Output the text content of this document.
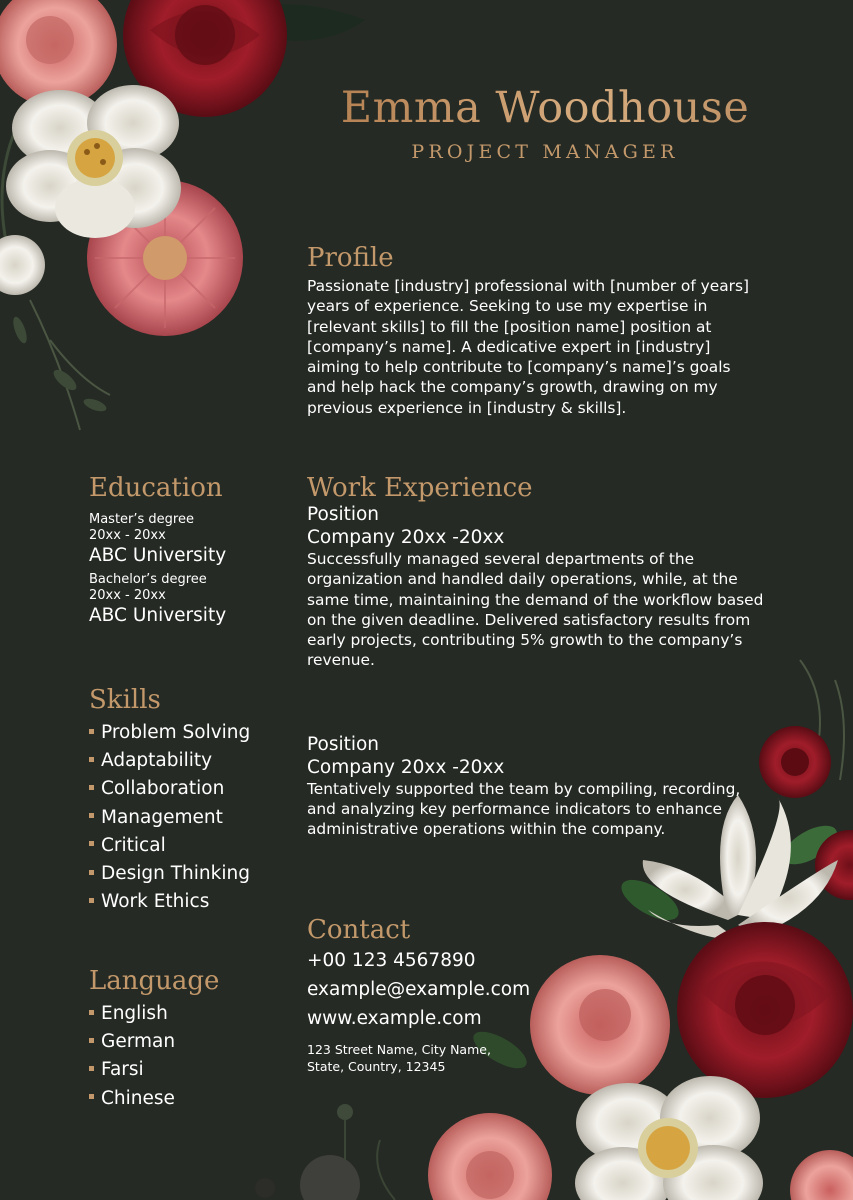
Emma Woodhouse
PROJECT MANAGER
Profile
Passionate [industry] professional with [number of years] years of experience. Seeking to use my expertise in [relevant skills] to fill the [position name] position at [company’s name]. A dedicative expert in [industry] aiming to help contribute to [company’s name]’s goals and help hack the company’s growth, drawing on my previous experience in [industry & skills].
Education
Master’s degree
20xx - 20xx
ABC University
Bachelor’s degree
20xx - 20xx
ABC University
Work Experience
Position
Company 20xx -20xx
Successfully managed several departments of the organization and handled daily operations, while, at the same time, maintaining the demand of the workflow based on the given deadline. Delivered satisfactory results from early projects, contributing 5% growth to the company’s revenue.
Position
Company 20xx -20xx
Tentatively supported the team by compiling, recording, and analyzing key performance indicators to enhance administrative operations within the company.
Skills
Problem Solving
Adaptability
Collaboration
Management
Critical
Design Thinking
Work Ethics
Language
English
German
Farsi
Chinese
Contact
+00 123 4567890
example@example.com
www.example.com
123 Street Name, City Name,
State, Country, 12345
